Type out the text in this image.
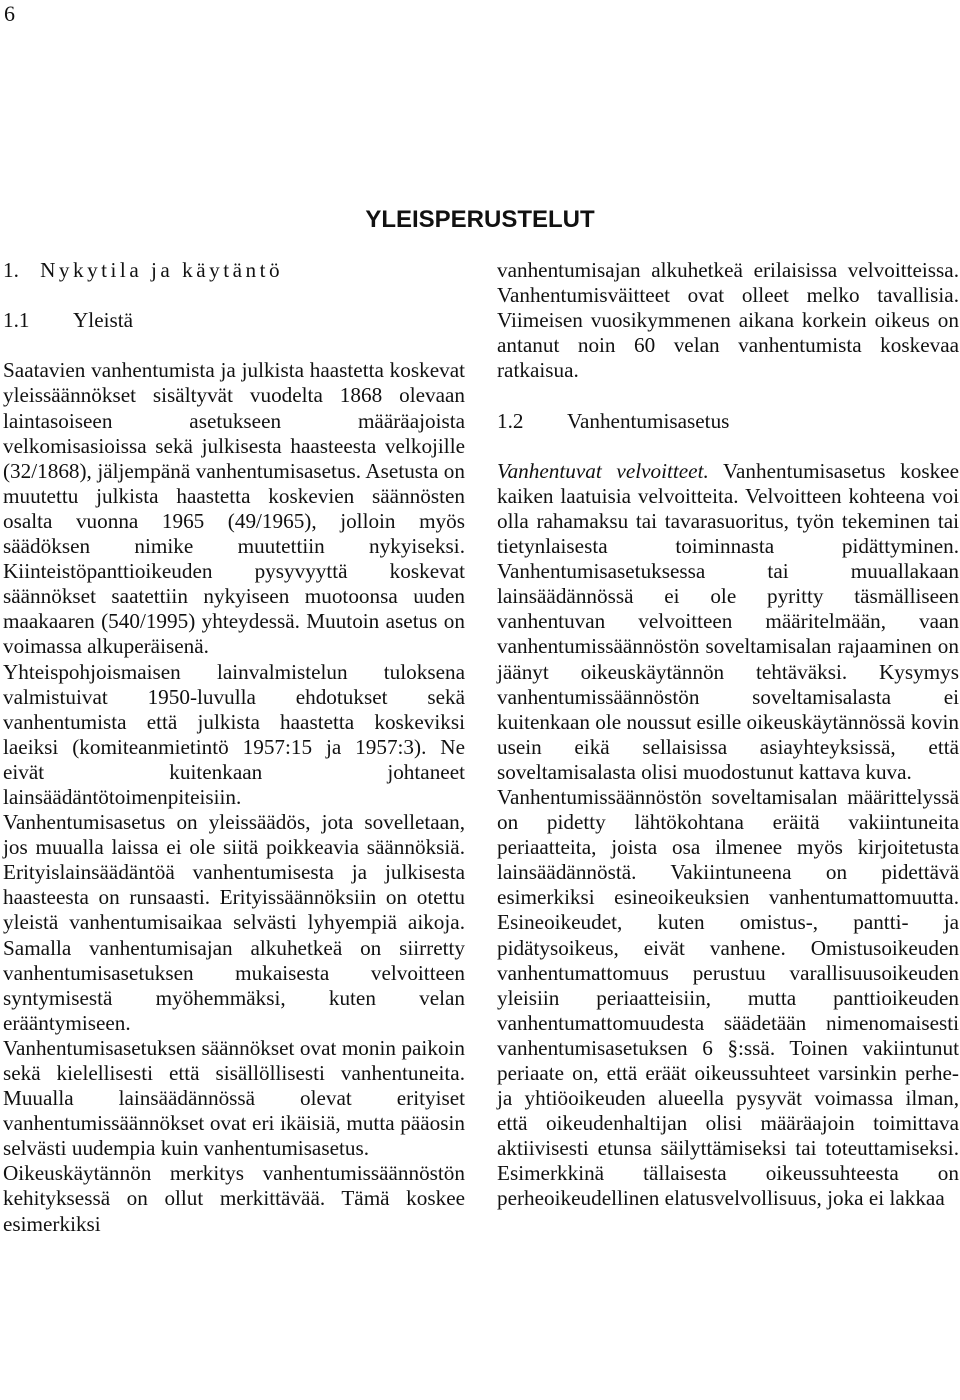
6
YLEISPERUSTELUT
1. Nykytila ja käytäntö
1.1 Yleistä

Saatavien vanhentumista ja julkista haastetta koskevat yleissäännökset sisältyvät vuodelta 1868 olevaan laintasoiseen asetukseen määräajoista velkomisasioissa sekä julkisesta haasteesta velkojille (32/1868), jäljempänä vanhentumisasetus. Asetusta on muutettu julkista haastetta koskevien säännösten osalta vuonna 1965 (49/1965), jolloin myös säädöksen nimike muutettiin nykyiseksi. Kiinteistöpanttioikeuden pysyvyyttä koskevat säännökset saatettiin nykyiseen muotoonsa uuden maakaaren (540/1995) yhteydessä. Muutoin asetus on voimassa alkuperäisenä.

Yhteispohjoismaisen lainvalmistelun tuloksena valmistuivat 1950-luvulla ehdotukset sekä vanhentumista että julkista haastetta koskeviksi laeiksi (komiteanmietintö 1957:15 ja 1957:3). Ne eivät kuitenkaan johtaneet lainsäädäntötoimenpiteisiin.

Vanhentumisasetus on yleissäädös, jota sovelletaan, jos muualla laissa ei ole siitä poikkeavia säännöksiä. Erityislainsäädäntöä vanhentumisesta ja julkisesta haasteesta on runsaasti. Erityissäännöksiin on otettu yleistä vanhentumisaikaa selvästi lyhyempiä aikoja. Samalla vanhentumisajan alkuhetkeä on siirretty vanhentumisasetuksen mukaisesta velvoitteen syntymisestä myöhemmäksi, kuten velan erääntymiseen.

Vanhentumisasetuksen säännökset ovat monin paikoin sekä kielellisesti että sisällöllisesti vanhentuneita. Muualla lainsäädännössä olevat erityiset vanhentumissäännökset ovat eri ikäisiä, mutta pääosin selvästi uudempia kuin vanhentumisasetus.

Oikeuskäytännön merkitys vanhentumissäännöstön kehityksessä on ollut merkittävää. Tämä koskee esimerkiksi

vanhentumisajan alkuhetkeä erilaisissa velvoitteissa. Vanhentumisväitteet ovat olleet melko tavallisia. Viimeisen vuosikymmenen aikana korkein oikeus on antanut noin 60 velan vanhentumista koskevaa ratkaisua.

1.2 Vanhentumisasetus

Vanhentuvat velvoitteet. Vanhentumisasetus koskee kaiken laatuisia velvoitteita. Velvoitteen kohteena voi olla rahamaksu tai tavarasuoritus, työn tekeminen tai tietynlaisesta toiminnasta pidättyminen. Vanhentumisasetuksessa tai muuallakaan lainsäädännössä ei ole pyritty täsmälliseen vanhentuvan velvoitteen määritelmään, vaan vanhentumissäännöstön soveltamisalan rajaaminen on jäänyt oikeuskäytännön tehtäväksi. Kysymys vanhentumissäännöstön soveltamisalasta ei kuitenkaan ole noussut esille oikeuskäytännössä kovin usein eikä sellaisissa asiayhteyksissä, että soveltamisalasta olisi muodostunut kattava kuva.

Vanhentumissäännöstön soveltamisalan määrittelyssä on pidetty lähtökohtana eräitä vakiintuneita periaatteita, joista osa ilmenee myös kirjoitetusta lainsäädännöstä. Vakiintuneena on pidettävä esimerkiksi esineoikeuksien vanhentumattomuutta. Esineoikeudet, kuten omistus-, pantti- ja pidätysoikeus, eivät vanhene. Omistusoikeuden vanhentumattomuus perustuu varallisuusoikeuden yleisiin periaatteisiin, mutta panttioikeuden vanhentumattomuudesta säädetään nimenomaisesti vanhentumisasetuksen 6 §:ssä. Toinen vakiintunut periaate on, että eräät oikeussuhteet varsinkin perhe- ja yhtiöoikeuden alueella pysyvät voimassa ilman, että oikeudenhaltijan olisi määräajoin toimittava aktiivisesti etunsa säilyttämiseksi tai toteuttamiseksi. Esimerkkinä tällaisesta oikeussuhteesta on perheoikeudellinen elatusvelvollisuus, joka ei lakkaa
